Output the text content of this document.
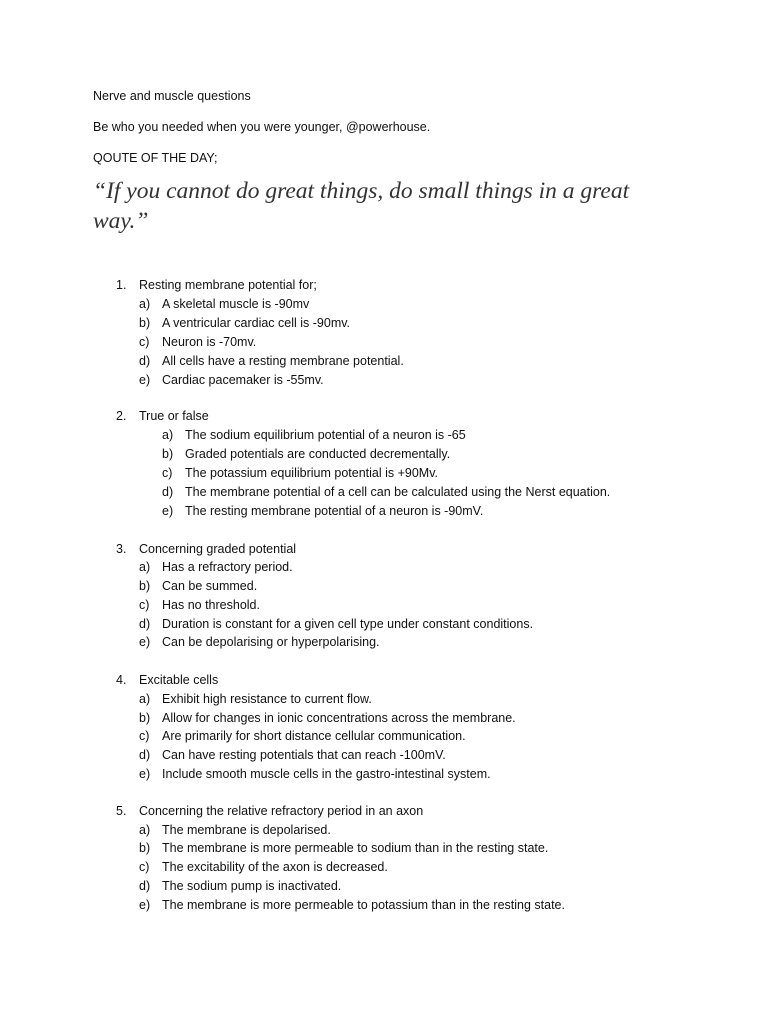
Nerve and muscle questions
Be who you needed when you were younger, @powerhouse.
QOUTE OF THE DAY;
“If you cannot do great things, do small things in a great way.”
1. Resting membrane potential for;
a) A skeletal muscle is -90mv
b) A ventricular cardiac cell is -90mv.
c) Neuron is -70mv.
d) All cells have a resting membrane potential.
e) Cardiac pacemaker is -55mv.
2. True or false
a) The sodium equilibrium potential of a neuron is -65
b) Graded potentials are conducted decrementally.
c) The potassium equilibrium potential is +90Mv.
d) The membrane potential of a cell can be calculated using the Nerst equation.
e) The resting membrane potential of a neuron is -90mV.
3. Concerning graded potential
a) Has a refractory period.
b) Can be summed.
c) Has no threshold.
d) Duration is constant for a given cell type under constant conditions.
e) Can be depolarising or hyperpolarising.
4. Excitable cells
a) Exhibit high resistance to current flow.
b) Allow for changes in ionic concentrations across the membrane.
c) Are primarily for short distance cellular communication.
d) Can have resting potentials that can reach -100mV.
e) Include smooth muscle cells in the gastro-intestinal system.
5. Concerning the relative refractory period in an axon
a) The membrane is depolarised.
b) The membrane is more permeable to sodium than in the resting state.
c) The excitability of the axon is decreased.
d) The sodium pump is inactivated.
e) The membrane is more permeable to potassium than in the resting state.
